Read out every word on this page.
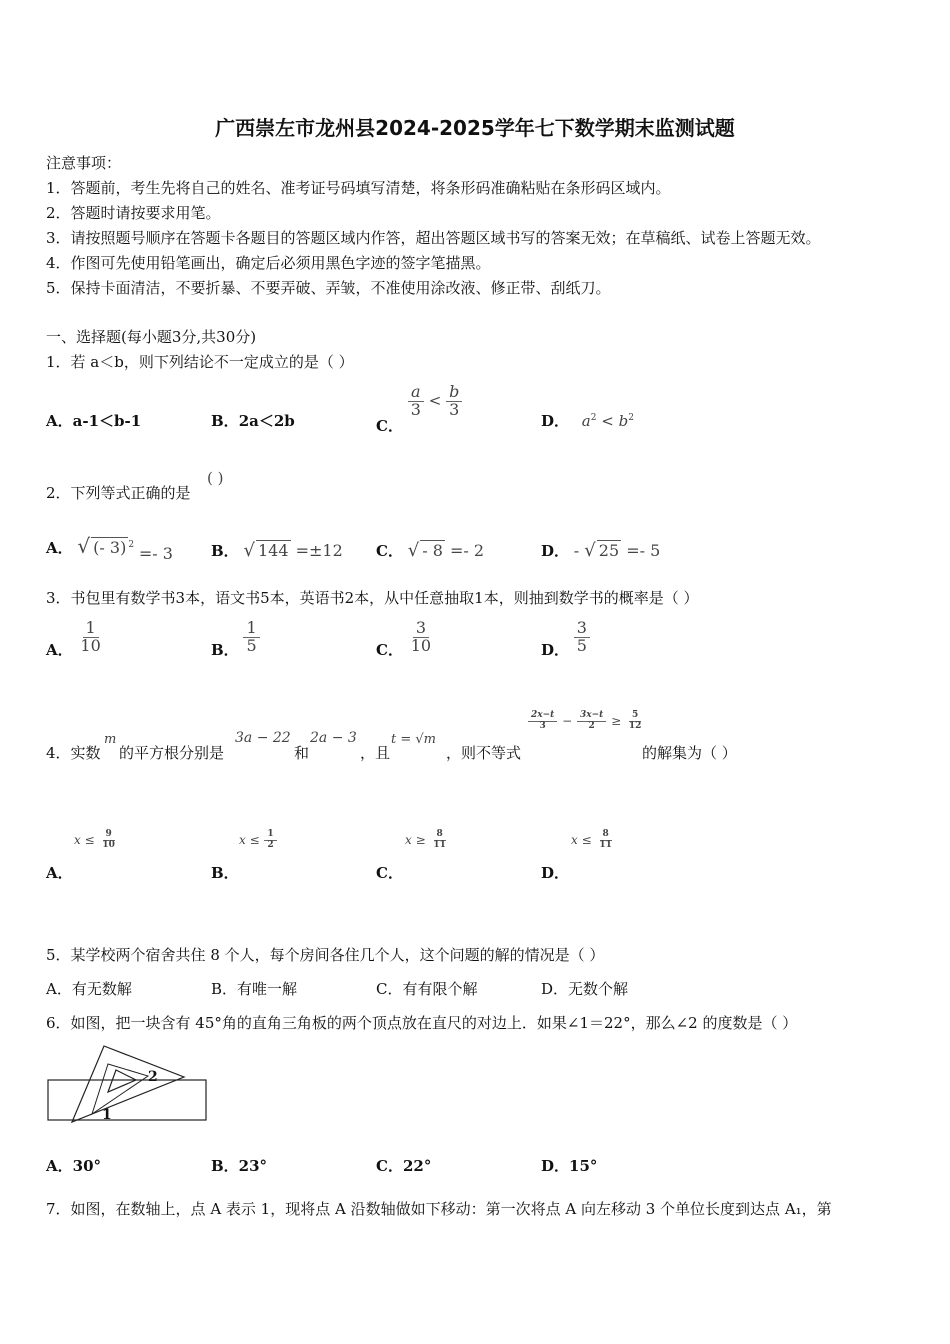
广西崇左市龙州县2024-2025学年七下数学期末监测试题
注意事项：
1．答题前，考生先将自己的姓名、准考证号码填写清楚，将条形码准确粘贴在条形码区域内。
2．答题时请按要求用笔。
3．请按照题号顺序在答题卡各题目的答题区域内作答，超出答题区域书写的答案无效；在草稿纸、试卷上答题无效。
4．作图可先使用铅笔画出，确定后必须用黑色字迹的签字笔描黑。
5．保持卡面清洁，不要折暴、不要弄破、弄皱，不准使用涂改液、修正带、刮纸刀。
一、选择题(每小题3分,共30分)
1．若 a＜b，则下列结论不一定成立的是（ ）
A．a-1＜b-1	B．2a＜2b	C．
$\frac{a}{3} < \frac{b}{3}$
D． $a^2 < b^2$
2．下列等式正确的是
( )
A． √ (- 3) $^2$ =- 3	B． √ 144 =±12 C． √ - 8 =- 2	D． - √ 25 =- 5
3．书包里有数学书3本，语文书5本，英语书2本，从中任意抽取1本，则抽到数学书的概率是（ ）
A． $\frac{1}{10}$	B． $\frac{1}{5}$	C． $\frac{3}{10}$	D． $\frac{3}{5}$
4．实数
m
的平方根分别是
3a − 22
和
2a − 3
，且
t = √m
，则不等式
$\frac{2x-t}{3} - \frac{3x-t}{2} \ge \frac{5}{12}$
的解集为（ ）
$x \le \frac{9}{10}$
A．
$x \le \frac{1}{2}$
B．
$x \ge \frac{8}{11}$
C．
$x \le \frac{8}{11}$
D．
5．某学校两个宿舍共住 8 个人，每个房间各住几个人，这个问题的解的情况是（ ）
A．有无数解	B．有唯一解	C．有有限个解	D．无数个解
6．如图，把一块含有 45°角的直角三角板的两个顶点放在直尺的对边上．如果∠1＝22°，那么∠2 的度数是（ ）
2
1
A．30°	B．23°	C．22°	D．15°
7．如图，在数轴上，点 A 表示 1，现将点 A 沿数轴做如下移动：第一次将点 A 向左移动 3 个单位长度到达点 A₁，第
